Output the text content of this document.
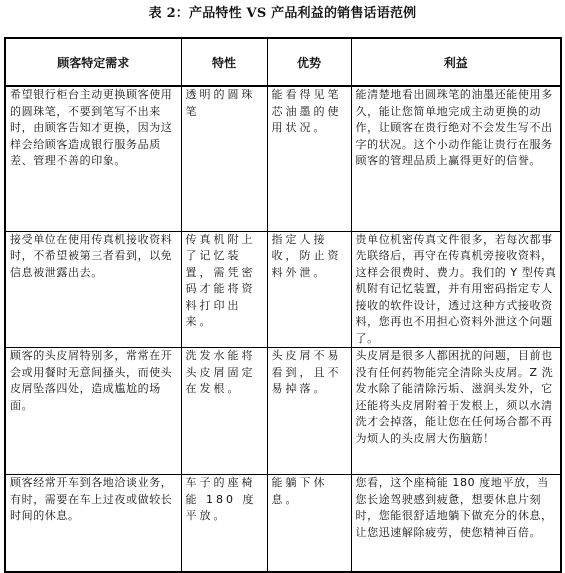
表 2：产品特性 VS 产品利益的销售话语范例
顾客特定需求	特性	优势	利益

希望银行柜台主动更换顾客使用的圆珠笔，不要到笔写不出来时，由顾客告知才更换，因为这样会给顾客造成银行服务品质差、管理不善的印象。	透明的圆珠笔	能看得见笔芯油墨的使用状况。	能清楚地看出圆珠笔的油墨还能使用多久，能让您简单地完成主动更换的动作，让顾客在贵行绝对不会发生写不出字的状况。这个小动作能让贵行在服务顾客的管理品质上赢得更好的信誉。

接受单位在使用传真机接收资料时，不希望被第三者看到，以免信息被泄露出去。	传真机附上了记忆装置，需凭密码才能将资料打印出来。	指定人接收，防止资料外泄。	贵单位机密传真文件很多，若每次都事先联络后，再守在传真机旁接收资料，这样会很费时、费力。我们的 Y 型传真机附有记忆装置，并有用密码指定专人接收的软件设计，透过这种方式接收资料，您再也不用担心资料外泄这个问题了。

顾客的头皮屑特别多，常常在开会或用餐时无意间搔头，而使头皮屑坠落四处，造成尴尬的场面。	洗发水能将头皮屑固定在发根。	头皮屑不易看到，且不易掉落。	头皮屑是很多人都困扰的问题，目前也没有任何药物能完全清除头皮屑。Z 洗发水除了能清除污垢、滋润头发外，它还能将头皮屑附着于发根上，须以水清洗才会掉落，能让您在任何场合都不再为烦人的头皮屑大伤脑筋！

顾客经常开车到各地洽谈业务，有时，需要在车上过夜或做较长时间的休息。	车子的座椅能 180 度平放。	能躺下休息。	您看，这个座椅能 180 度地平放，当您长途驾驶感到疲惫，想要休息片刻时，您能很舒适地躺下做充分的休息，让您迅速解除疲劳，使您精神百倍。
